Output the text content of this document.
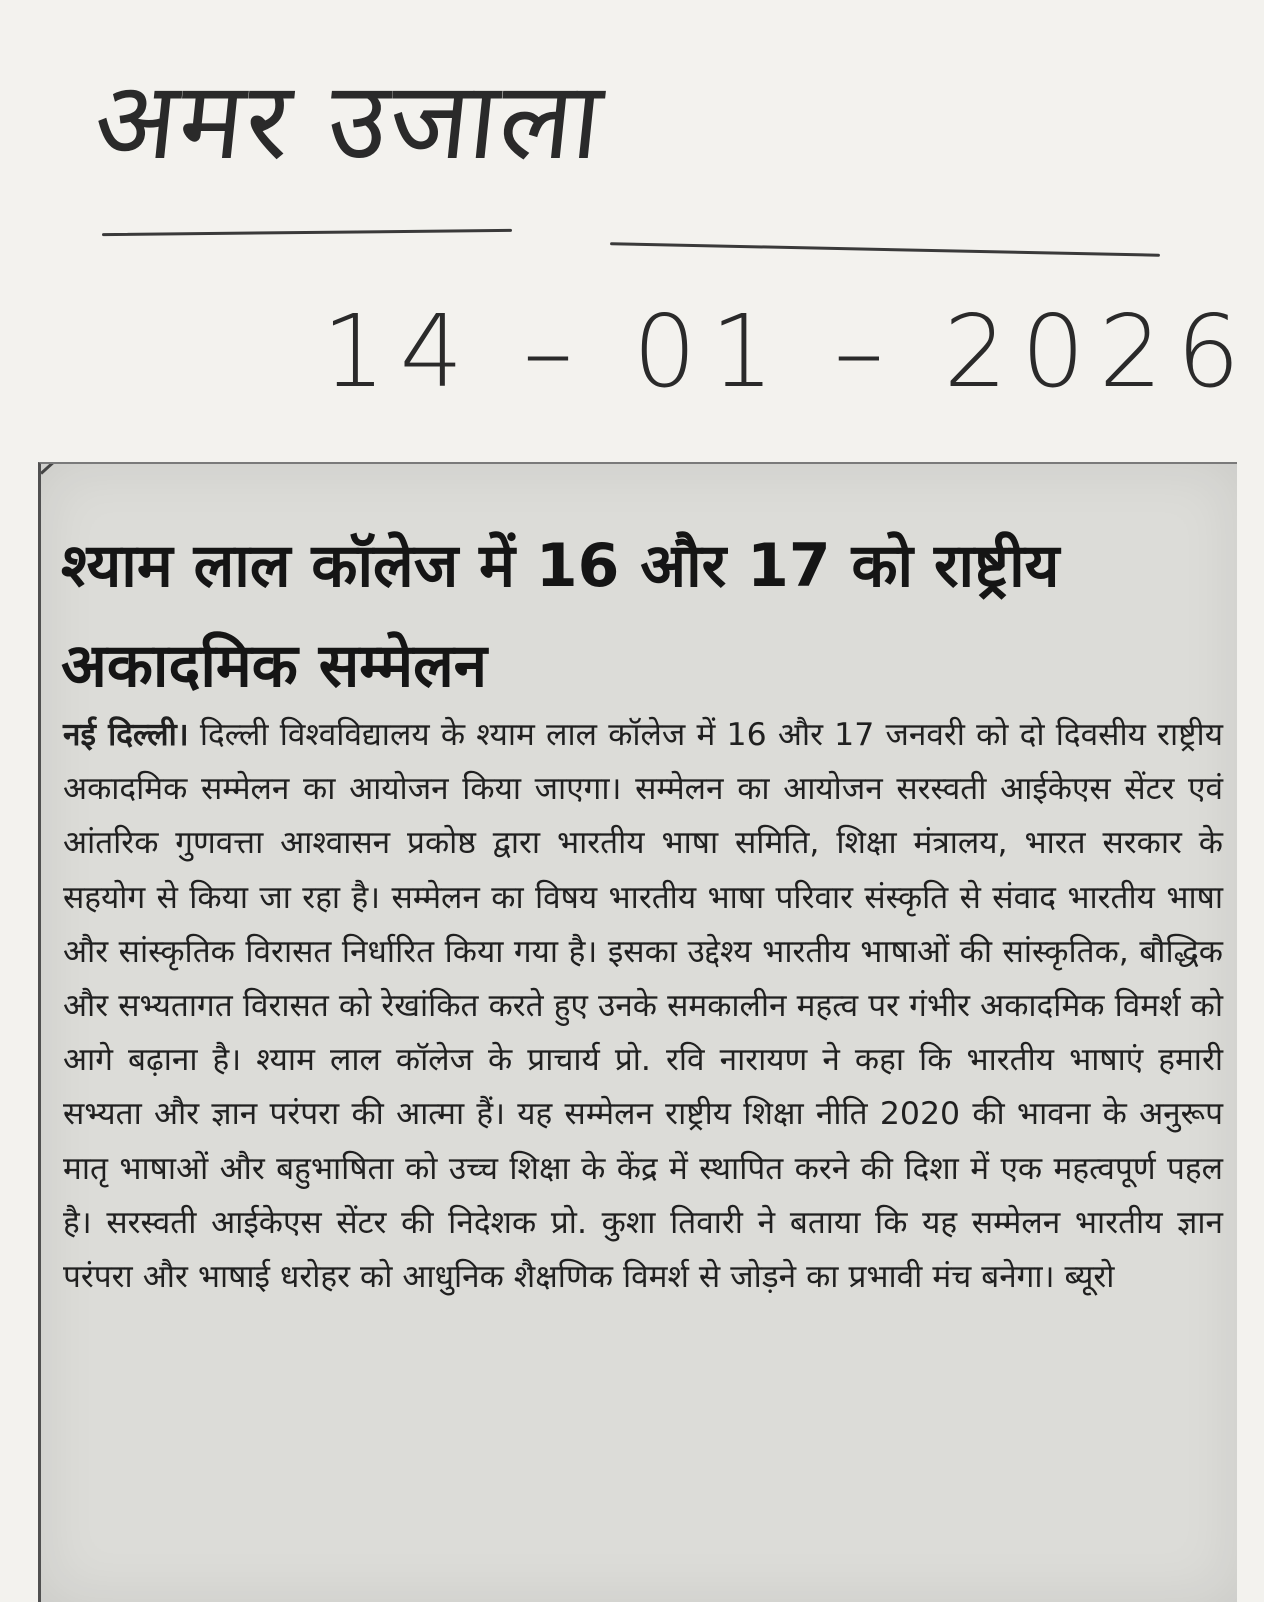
अमर उजाला
14 – 01 – 2026
श्याम लाल कॉलेज में 16 और 17 को राष्ट्रीय अकादमिक सम्मेलन

नई दिल्ली। दिल्ली विश्वविद्यालय के श्याम लाल कॉलेज में 16 और 17 जनवरी को दो दिवसीय राष्ट्रीय अकादमिक सम्मेलन का आयोजन किया जाएगा। सम्मेलन का आयोजन सरस्वती आईकेएस सेंटर एवं आंतरिक गुणवत्ता आश्वासन प्रकोष्ठ द्वारा भारतीय भाषा समिति, शिक्षा मंत्रालय, भारत सरकार के सहयोग से किया जा रहा है। सम्मेलन का विषय भारतीय भाषा परिवार संस्कृति से संवाद भारतीय भाषा और सांस्कृतिक विरासत निर्धारित किया गया है। इसका उद्देश्य भारतीय भाषाओं की सांस्कृतिक, बौद्धिक और सभ्यतागत विरासत को रेखांकित करते हुए उनके समकालीन महत्व पर गंभीर अकादमिक विमर्श को आगे बढ़ाना है। श्याम लाल कॉलेज के प्राचार्य प्रो. रवि नारायण ने कहा कि भारतीय भाषाएं हमारी सभ्यता और ज्ञान परंपरा की आत्मा हैं। यह सम्मेलन राष्ट्रीय शिक्षा नीति 2020 की भावना के अनुरूप मातृ भाषाओं और बहुभाषिता को उच्च शिक्षा के केंद्र में स्थापित करने की दिशा में एक महत्वपूर्ण पहल है। सरस्वती आईकेएस सेंटर की निदेशक प्रो. कुशा तिवारी ने बताया कि यह सम्मेलन भारतीय ज्ञान परंपरा और भाषाई धरोहर को आधुनिक शैक्षणिक विमर्श से जोड़ने का प्रभावी मंच बनेगा। ब्यूरो
